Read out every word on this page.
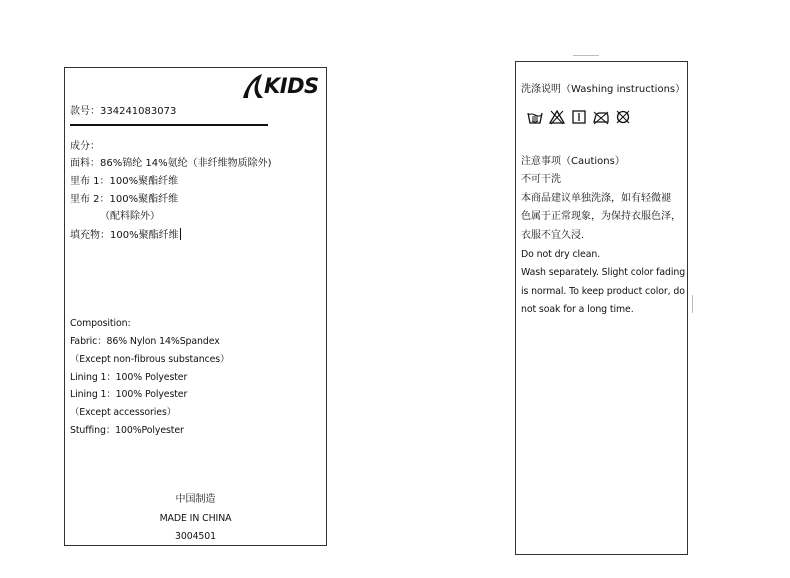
KIDS
款号：334241083073
成分：
面料：86%锦纶 14%氨纶（非纤维物质除外)
里布 1：100%聚酯纤维
里布 2：100%聚酯纤维
（配料除外）
填充物：100%聚酯纤维
Composition:
Fabric：86% Nylon 14%Spandex
（Except non-fibrous substances）
Lining 1：100% Polyester
Lining 1：100% Polyester
（Except accessories）
Stuffing：100%Polyester
中国制造
MADE IN CHINA
3004501
洗涤说明（Washing instructions）
注意事项（Cautions）
不可干洗
本商品建议单独洗涤，如有轻微褪
色属于正常现象，为保持衣服色泽，
衣服不宜久浸.
Do not dry clean.
Wash separately. Slight color fading
is normal. To keep product color, do
not soak for a long time.
